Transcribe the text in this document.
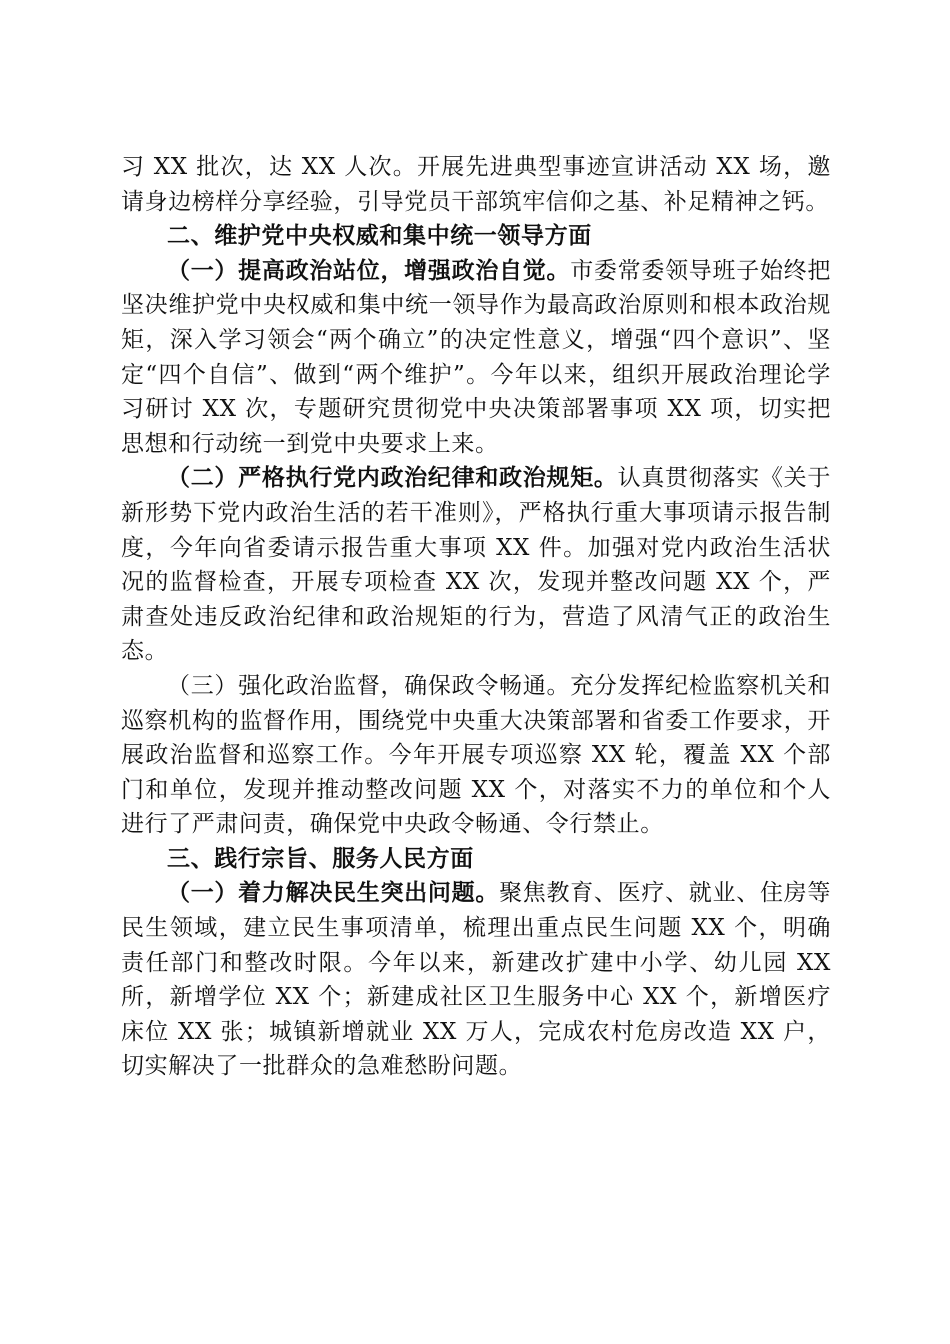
习 XX 批次，达 XX 人次。开展先进典型事迹宣讲活动 XX 场，邀请身边榜样分享经验，引导党员干部筑牢信仰之基、补足精神之钙。

二、维护党中央权威和集中统一领导方面

（一）提高政治站位，增强政治自觉。市委常委领导班子始终把坚决维护党中央权威和集中统一领导作为最高政治原则和根本政治规矩，深入学习领会“两个确立”的决定性意义，增强“四个意识”、坚定“四个自信”、做到“两个维护”。今年以来，组织开展政治理论学习研讨 XX 次，专题研究贯彻党中央决策部署事项 XX 项，切实把思想和行动统一到党中央要求上来。

（二）严格执行党内政治纪律和政治规矩。认真贯彻落实《关于新形势下党内政治生活的若干准则》，严格执行重大事项请示报告制度，今年向省委请示报告重大事项 XX 件。加强对党内政治生活状况的监督检查，开展专项检查 XX 次，发现并整改问题 XX 个，严肃查处违反政治纪律和政治规矩的行为，营造了风清气正的政治生态。

（三）强化政治监督，确保政令畅通。充分发挥纪检监察机关和巡察机构的监督作用，围绕党中央重大决策部署和省委工作要求，开展政治监督和巡察工作。今年开展专项巡察 XX 轮，覆盖 XX 个部门和单位，发现并推动整改问题 XX 个，对落实不力的单位和个人进行了严肃问责，确保党中央政令畅通、令行禁止。

三、践行宗旨、服务人民方面

（一）着力解决民生突出问题。聚焦教育、医疗、就业、住房等民生领域，建立民生事项清单，梳理出重点民生问题 XX 个，明确责任部门和整改时限。今年以来，新建改扩建中小学、幼儿园 XX 所，新增学位 XX 个；新建成社区卫生服务中心 XX 个，新增医疗床位 XX 张；城镇新增就业 XX 万人，完成农村危房改造 XX 户，切实解决了一批群众的急难愁盼问题。
